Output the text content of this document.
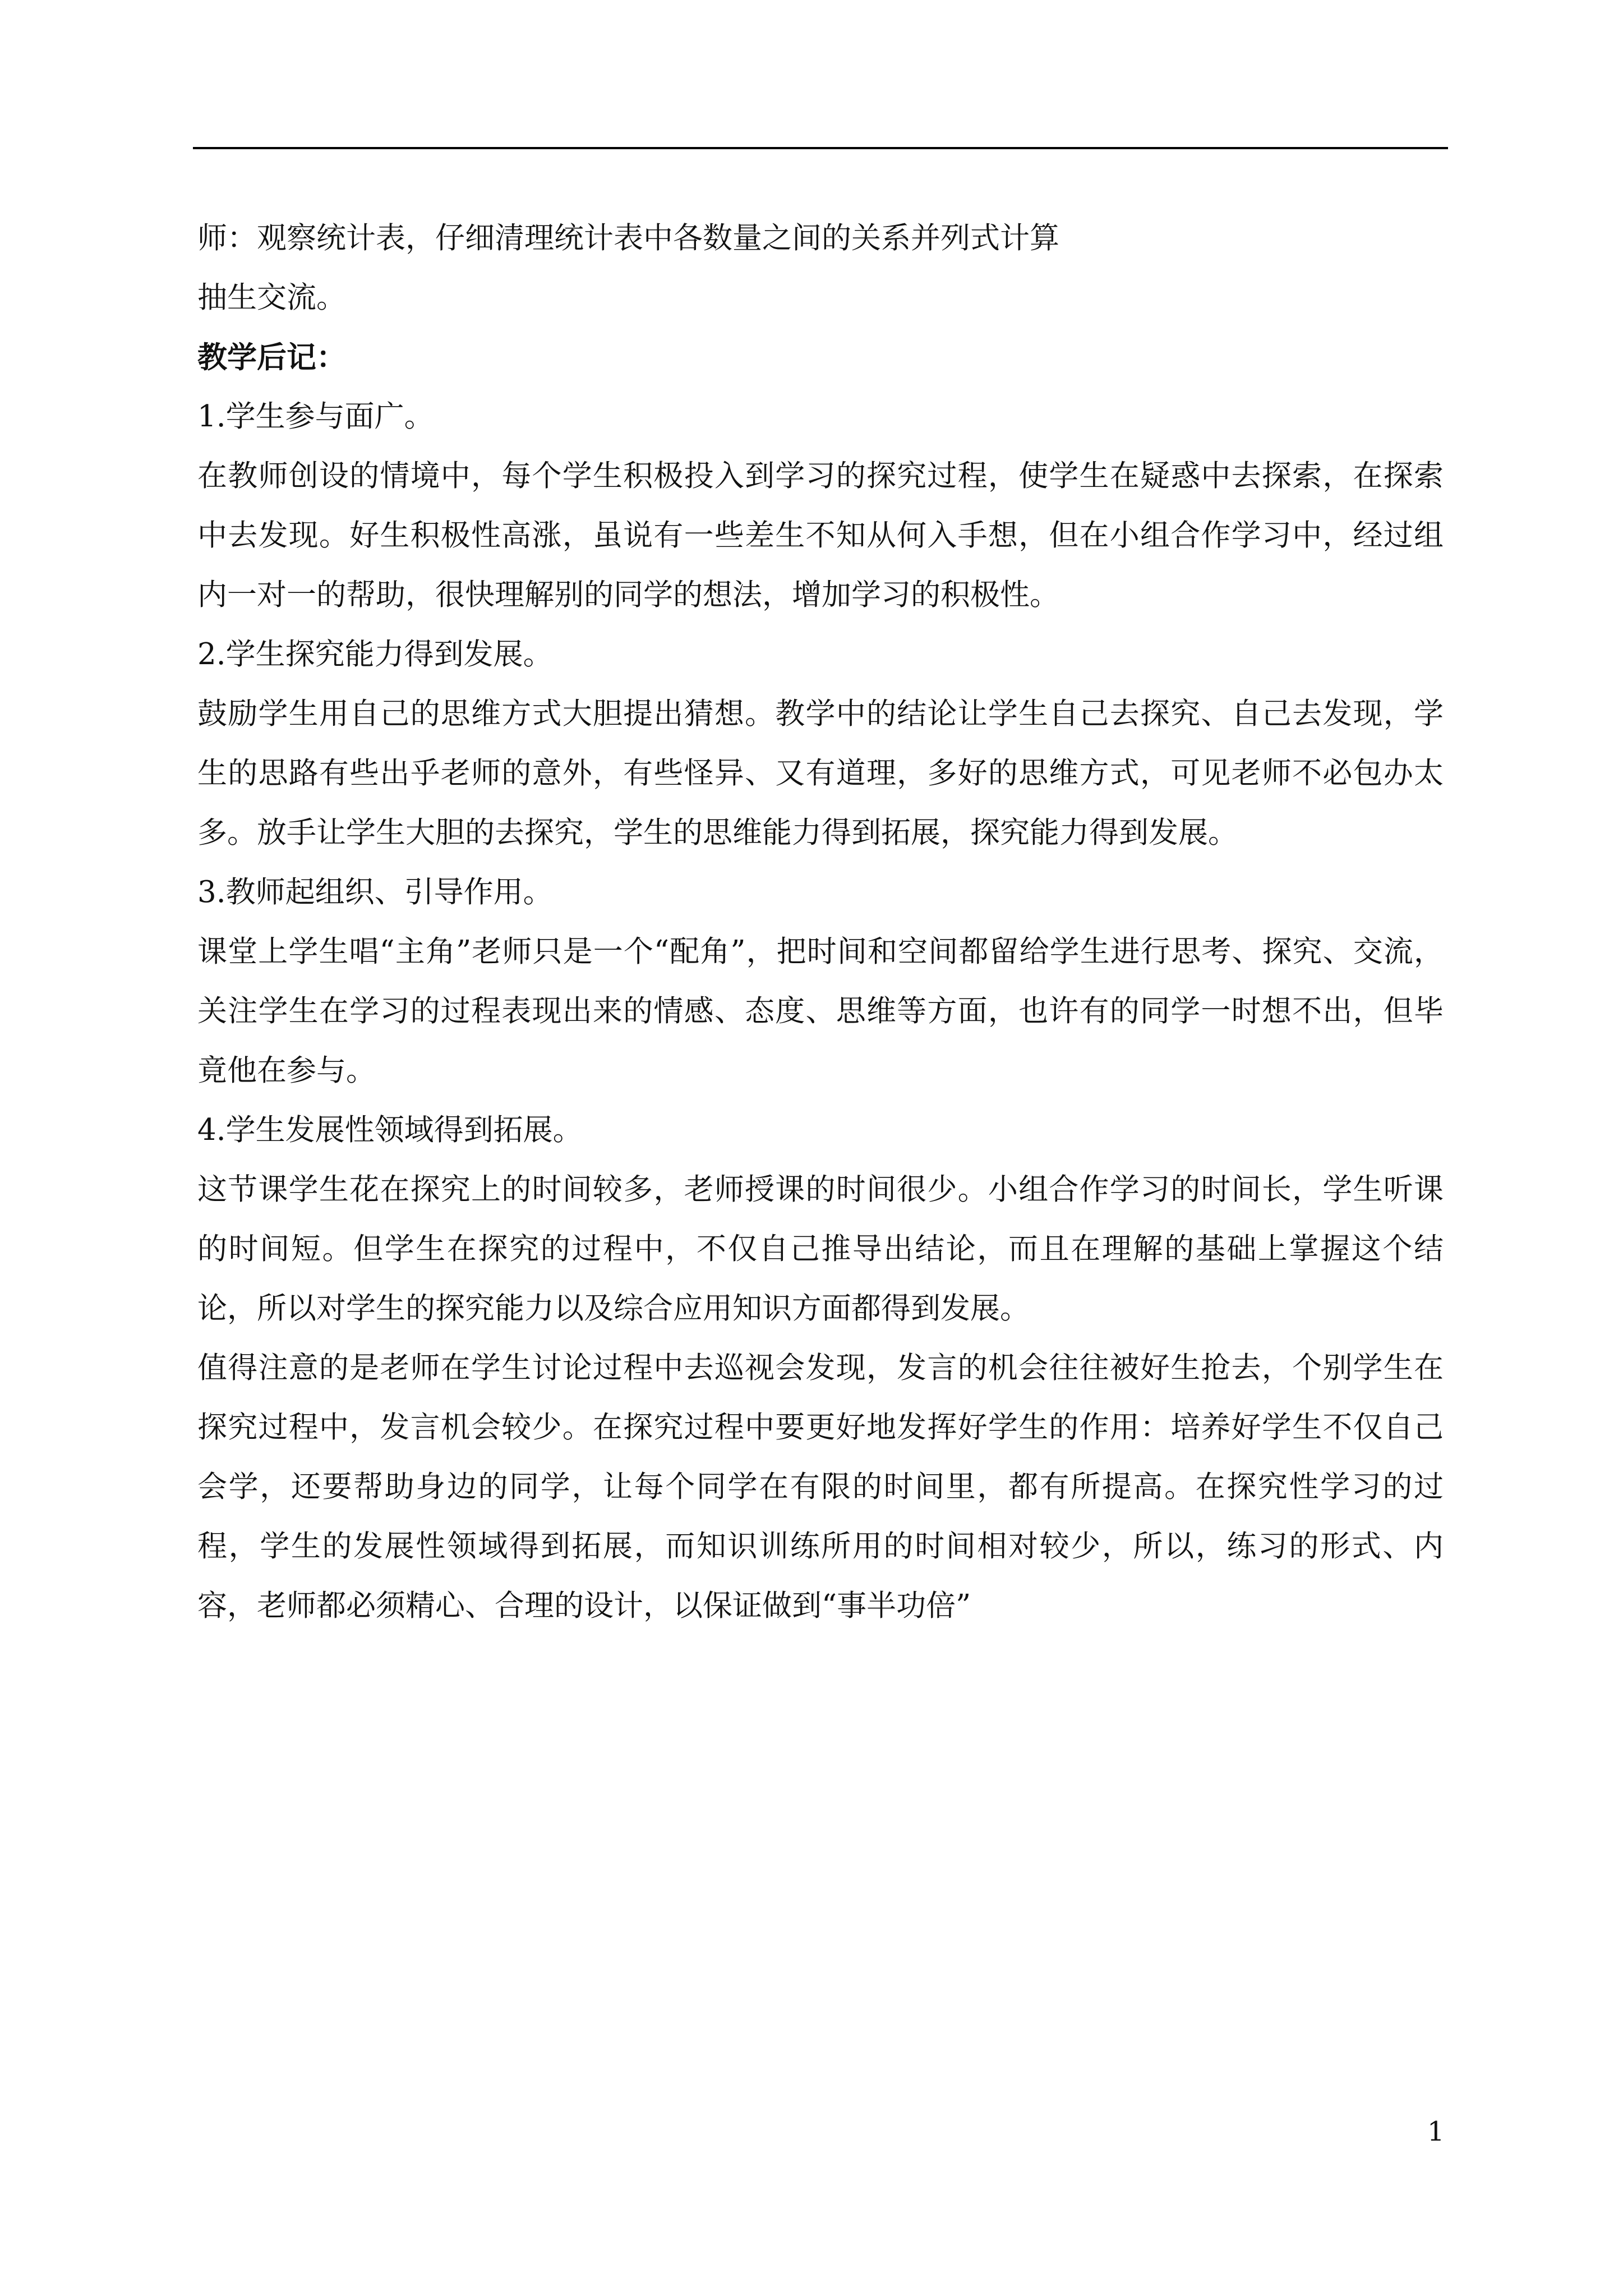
师：观察统计表，仔细清理统计表中各数量之间的关系并列式计算

抽生交流。

教学后记：

1.学生参与面广。

在教师创设的情境中，每个学生积极投入到学习的探究过程，使学生在疑惑中去探索，在探索中去发现。好生积极性高涨，虽说有一些差生不知从何入手想，但在小组合作学习中，经过组内一对一的帮助，很快理解别的同学的想法，增加学习的积极性。

2.学生探究能力得到发展。

鼓励学生用自己的思维方式大胆提出猜想。教学中的结论让学生自己去探究、自己去发现，学生的思路有些出乎老师的意外，有些怪异、又有道理，多好的思维方式，可见老师不必包办太多。放手让学生大胆的去探究，学生的思维能力得到拓展，探究能力得到发展。

3.教师起组织、引导作用。

课堂上学生唱“主角”老师只是一个“配角”，把时间和空间都留给学生进行思考、探究、交流，关注学生在学习的过程表现出来的情感、态度、思维等方面，也许有的同学一时想不出，但毕竟他在参与。

4.学生发展性领域得到拓展。

这节课学生花在探究上的时间较多，老师授课的时间很少。小组合作学习的时间长，学生听课的时间短。但学生在探究的过程中，不仅自己推导出结论，而且在理解的基础上掌握这个结论，所以对学生的探究能力以及综合应用知识方面都得到发展。

值得注意的是老师在学生讨论过程中去巡视会发现，发言的机会往往被好生抢去，个别学生在探究过程中，发言机会较少。在探究过程中要更好地发挥好学生的作用：培养好学生不仅自己会学，还要帮助身边的同学，让每个同学在有限的时间里，都有所提高。在探究性学习的过程，学生的发展性领域得到拓展，而知识训练所用的时间相对较少，所以，练习的形式、内容，老师都必须精心、合理的设计，以保证做到“事半功倍”

1
